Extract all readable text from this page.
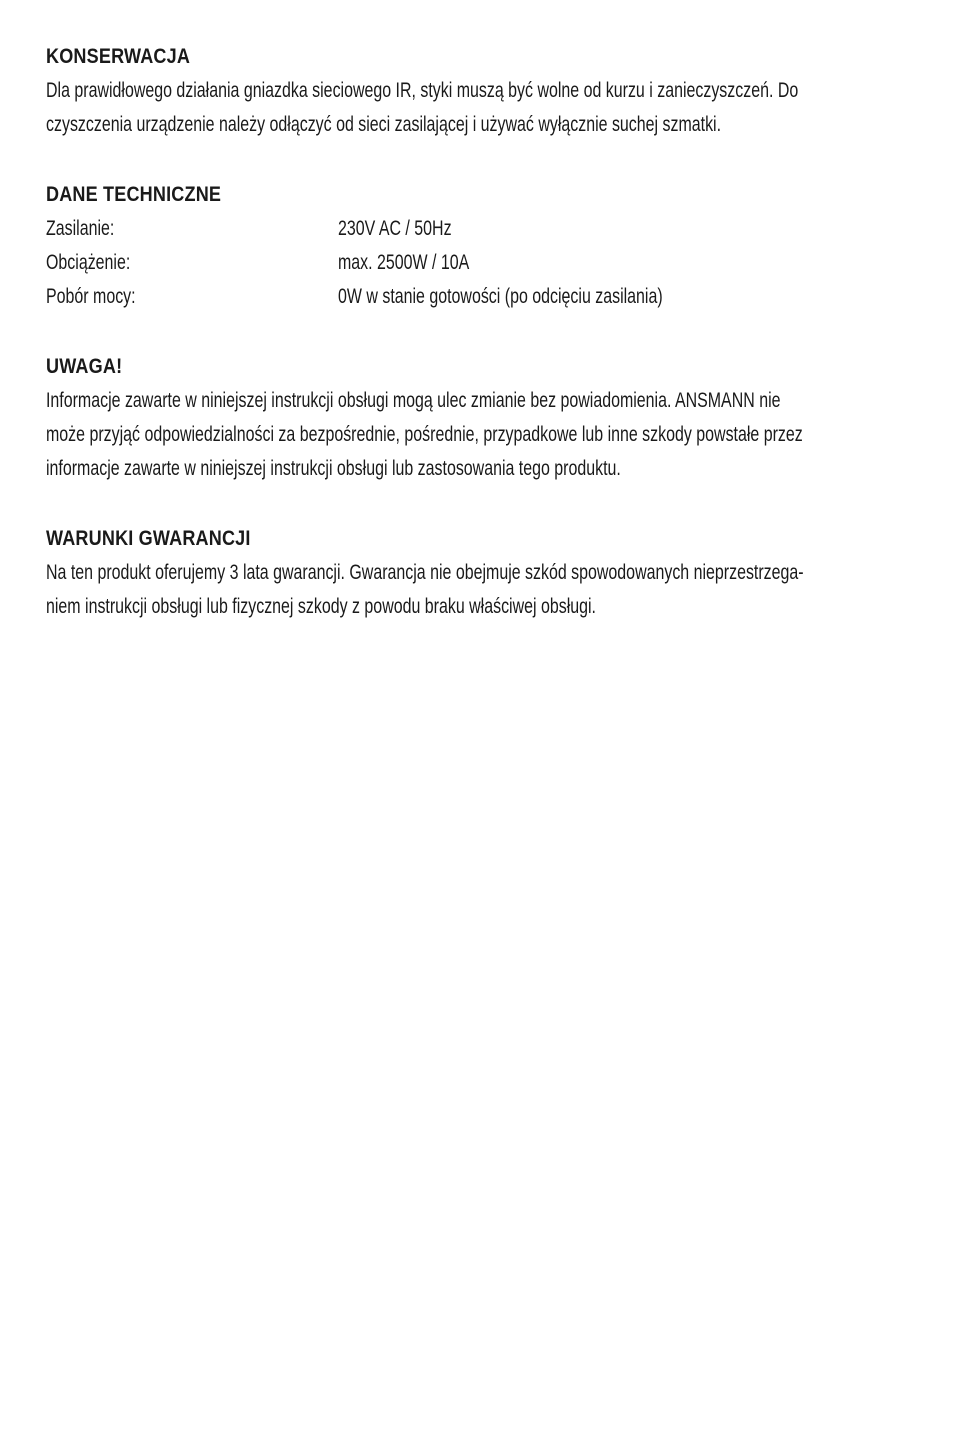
KONSERWACJA
Dla prawidłowego działania gniazdka sieciowego IR, styki muszą być wolne od kurzu i zanieczyszczeń. Do
czyszczenia urządzenie należy odłączyć od sieci zasilającej i używać wyłącznie suchej szmatki.
DANE TECHNICZNE
Zasilanie:	230V AC / 50Hz
Obciążenie:	max. 2500W / 10A
Pobór mocy:	0W w stanie gotowości (po odcięciu zasilania)
UWAGA!
Informacje zawarte w niniejszej instrukcji obsługi mogą ulec zmianie bez powiadomienia. ANSMANN nie
może przyjąć odpowiedzialności za bezpośrednie, pośrednie, przypadkowe lub inne szkody powstałe przez
informacje zawarte w niniejszej instrukcji obsługi lub zastosowania tego produktu.
WARUNKI GWARANCJI
Na ten produkt oferujemy 3 lata gwarancji. Gwarancja nie obejmuje szkód spowodowanych nieprzestrzega-
niem instrukcji obsługi lub fizycznej szkody z powodu braku właściwej obsługi.
